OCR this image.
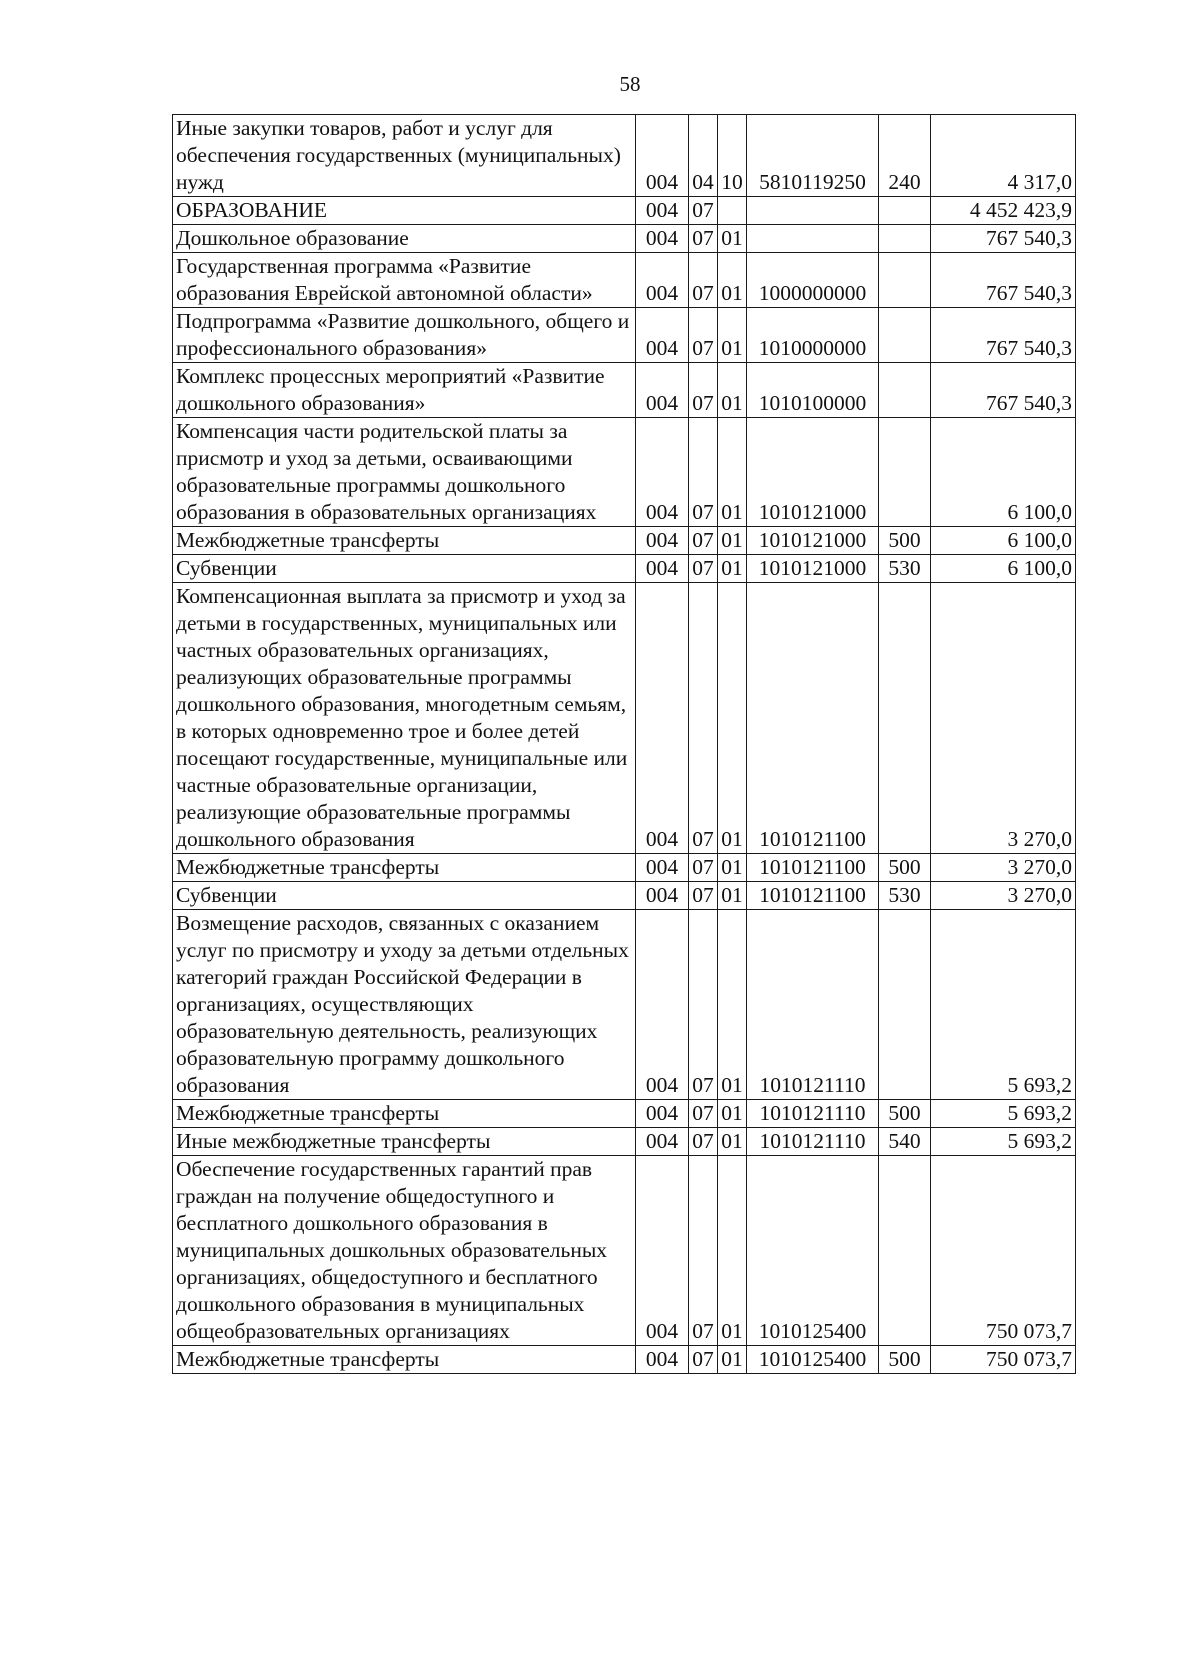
58
Иные закупки товаров, работ и услуг для обеспечения государственных (муниципальных) нужд	004	04	10	5810119250	240	4 317,0
ОБРАЗОВАНИЕ	004	07				4 452 423,9
Дошкольное образование	004	07	01			767 540,3
Государственная программа «Развитие образования Еврейской автономной области»	004	07	01	1000000000		767 540,3
Подпрограмма «Развитие дошкольного, общего и профессионального образования»	004	07	01	1010000000		767 540,3
Комплекс процессных мероприятий «Развитие дошкольного образования»	004	07	01	1010100000		767 540,3
Компенсация части родительской платы за присмотр и уход за детьми, осваивающими образовательные программы дошкольного образования в образовательных организациях	004	07	01	1010121000		6 100,0
Межбюджетные трансферты	004	07	01	1010121000	500	6 100,0
Субвенции	004	07	01	1010121000	530	6 100,0
Компенсационная выплата за присмотр и уход за детьми в государственных, муниципальных или частных образовательных организациях, реализующих образовательные программы дошкольного образования, многодетным семьям, в которых одновременно трое и более детей посещают государственные, муниципальные или частные образовательные организации, реализующие образовательные программы дошкольного образования	004	07	01	1010121100		3 270,0
Межбюджетные трансферты	004	07	01	1010121100	500	3 270,0
Субвенции	004	07	01	1010121100	530	3 270,0
Возмещение расходов, связанных с оказанием услуг по присмотру и уходу за детьми отдельных категорий граждан Российской Федерации в организациях, осуществляющих образовательную деятельность, реализующих образовательную программу дошкольного образования	004	07	01	1010121110		5 693,2
Межбюджетные трансферты	004	07	01	1010121110	500	5 693,2
Иные межбюджетные трансферты	004	07	01	1010121110	540	5 693,2
Обеспечение государственных гарантий прав граждан на получение общедоступного и бесплатного дошкольного образования в муниципальных дошкольных образовательных организациях, общедоступного и бесплатного дошкольного образования в муниципальных общеобразовательных организациях	004	07	01	1010125400		750 073,7
Межбюджетные трансферты	004	07	01	1010125400	500	750 073,7
